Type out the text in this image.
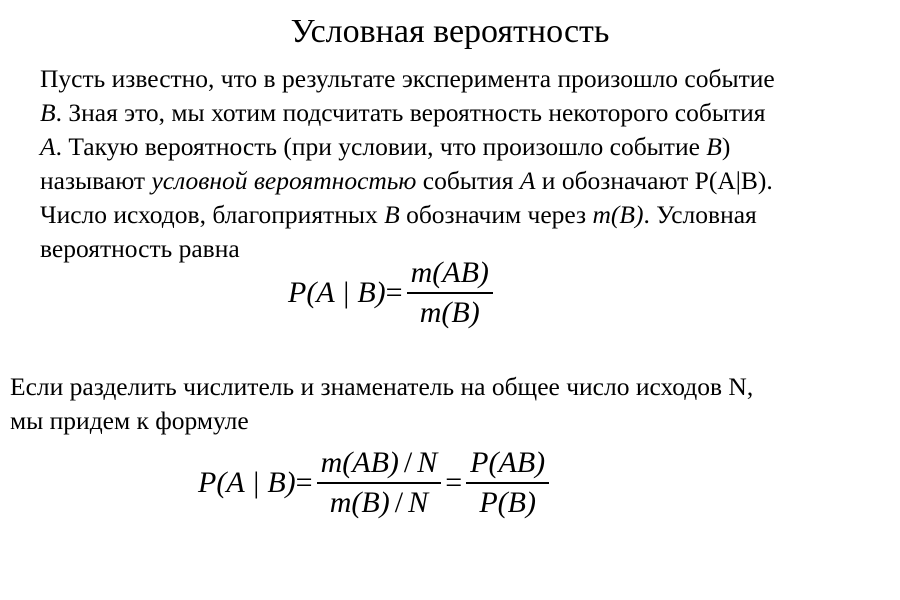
Условная вероятность
Пусть известно, что в результате эксперимента произошло событие
B. Зная это, мы хотим подсчитать вероятность некоторого события
A. Такую вероятность (при условии, что произошло событие B)
называют условной вероятностью события A и обозначают Р(А|В).
Число исходов, благоприятных B обозначим через m(B). Условная
вероятность равна
P(A | $B) = \frac{m(AB)}{m(B)}$
Если разделить числитель и знаменатель на общее число исходов N,
мы придем к формуле
P(A | $B) = \frac{m(AB) / N}{m(B) / N} = \frac{P(AB)}{P(B)}$
